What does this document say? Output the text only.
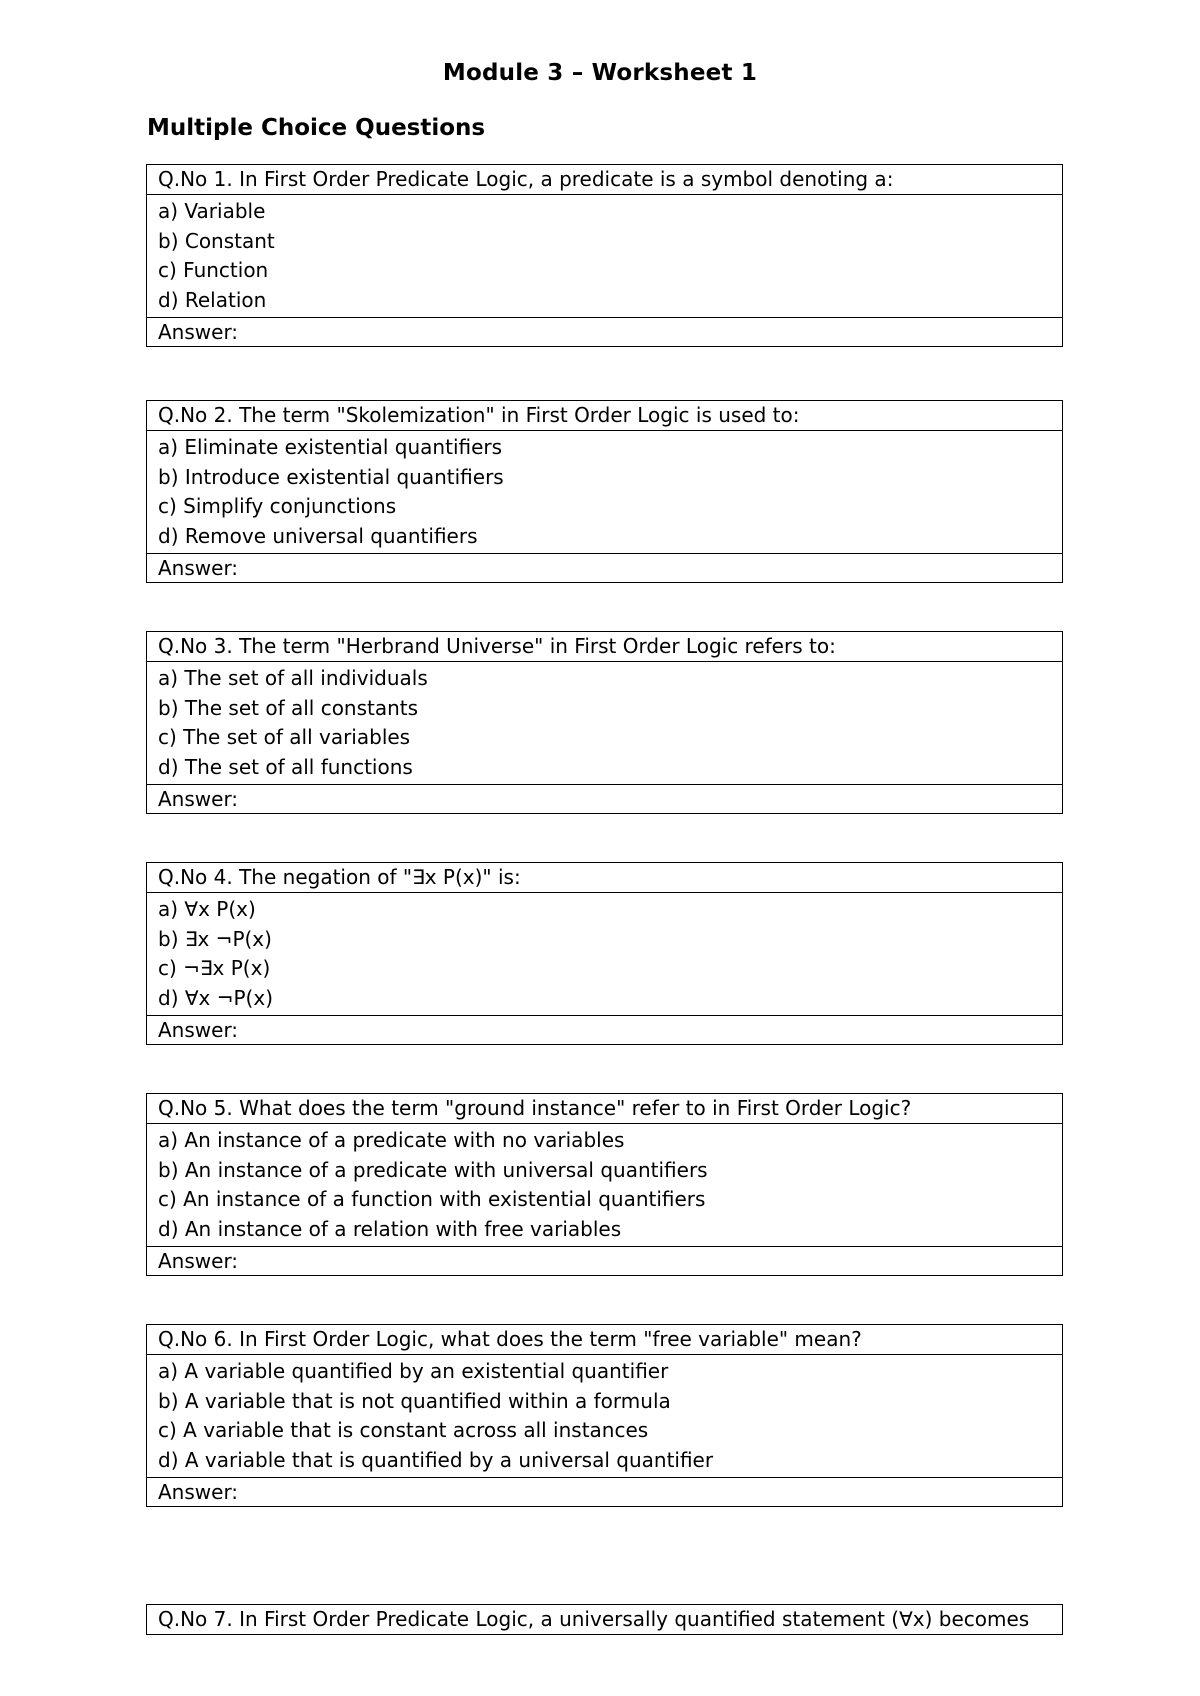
Module 3 – Worksheet 1
Multiple Choice Questions
Q.No 1. In First Order Predicate Logic, a predicate is a symbol denoting a:
a) Variable
b) Constant
c) Function
d) Relation
Answer:
Q.No 2. The term "Skolemization" in First Order Logic is used to:
a) Eliminate existential quantifiers
b) Introduce existential quantifiers
c) Simplify conjunctions
d) Remove universal quantifiers
Answer:
Q.No 3. The term "Herbrand Universe" in First Order Logic refers to:
a) The set of all individuals
b) The set of all constants
c) The set of all variables
d) The set of all functions
Answer:
Q.No 4. The negation of "∃x P(x)" is:
a) ∀x P(x)
b) ∃x ¬P(x)
c) ¬∃x P(x)
d) ∀x ¬P(x)
Answer:
Q.No 5. What does the term "ground instance" refer to in First Order Logic?
a) An instance of a predicate with no variables
b) An instance of a predicate with universal quantifiers
c) An instance of a function with existential quantifiers
d) An instance of a relation with free variables
Answer:
Q.No 6. In First Order Logic, what does the term "free variable" mean?
a) A variable quantified by an existential quantifier
b) A variable that is not quantified within a formula
c) A variable that is constant across all instances
d) A variable that is quantified by a universal quantifier
Answer:
Q.No 7. In First Order Predicate Logic, a universally quantified statement (∀x) becomes
